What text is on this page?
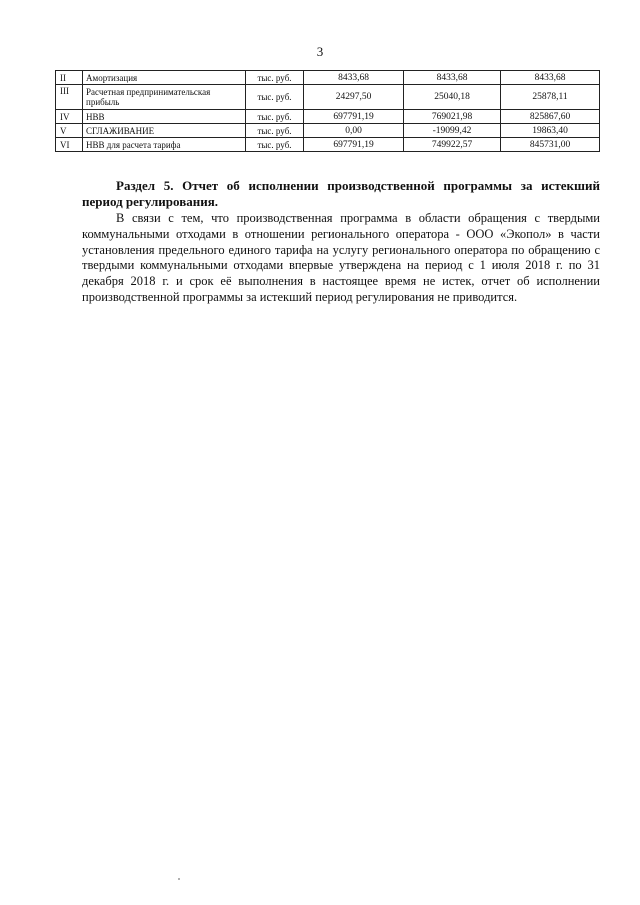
3
II	Амортизация	тыс. руб.	8433,68	8433,68	8433,68
III	Расчетная предпринимательская прибыль	тыс. руб.	24297,50	25040,18	25878,11
IV	НВВ	тыс. руб.	697791,19	769021,98	825867,60
V	СГЛАЖИВАНИЕ	тыс. руб.	0,00	-19099,42	19863,40
VI	НВВ для расчета тарифа	тыс. руб.	697791,19	749922,57	845731,00

Раздел 5. Отчет об исполнении производственной программы за истекший период регулирования.

В связи с тем, что производственная программа в области обращения с твердыми коммунальными отходами в отношении регионального оператора - ООО «Экопол» в части установления предельного единого тарифа на услугу регионального оператора по обращению с твердыми коммунальными отходами впервые утверждена на период с 1 июля 2018 г. по 31 декабря 2018 г. и срок её выполнения в настоящее время не истек, отчет об исполнении производственной программы за истекший период регулирования не приводится.
